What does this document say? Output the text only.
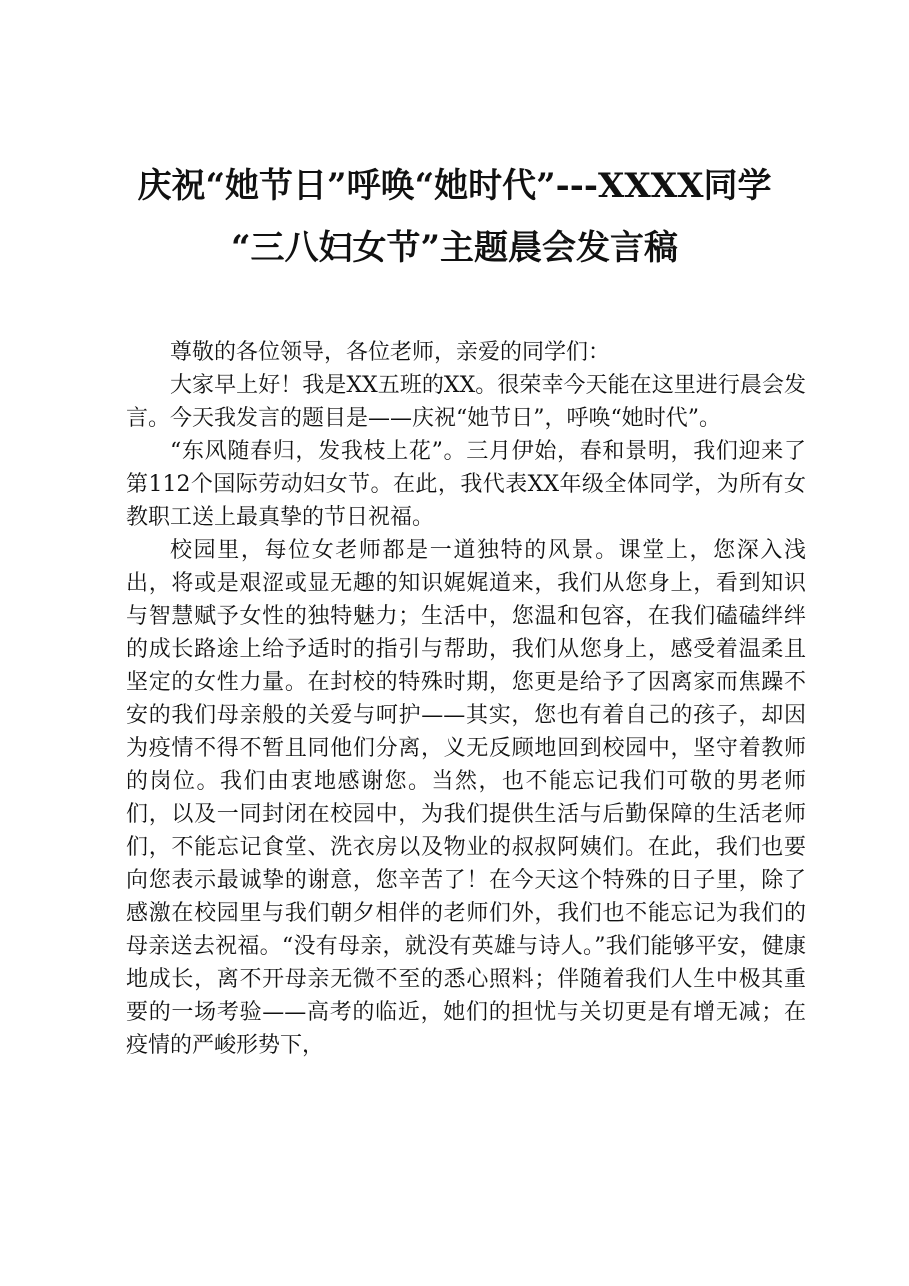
庆祝“她节日”呼唤“她时代”---XXXX同学
“三八妇女节”主题晨会发言稿

尊敬的各位领导，各位老师，亲爱的同学们：

大家早上好！我是XX五班的XX。很荣幸今天能在这里进行晨会发言。今天我发言的题目是——庆祝“她节日”，呼唤“她时代”。

“东风随春归，发我枝上花”。三月伊始，春和景明，我们迎来了第112个国际劳动妇女节。在此，我代表XX年级全体同学，为所有女教职工送上最真挚的节日祝福。

校园里，每位女老师都是一道独特的风景。课堂上，您深入浅出，将或是艰涩或显无趣的知识娓娓道来，我们从您身上，看到知识与智慧赋予女性的独特魅力；生活中，您温和包容，在我们磕磕绊绊的成长路途上给予适时的指引与帮助，我们从您身上，感受着温柔且坚定的女性力量。在封校的特殊时期，您更是给予了因离家而焦躁不安的我们母亲般的关爱与呵护——其实，您也有着自己的孩子，却因为疫情不得不暂且同他们分离，义无反顾地回到校园中，坚守着教师的岗位。我们由衷地感谢您。当然，也不能忘记我们可敬的男老师们，以及一同封闭在校园中，为我们提供生活与后勤保障的生活老师们，不能忘记食堂、洗衣房以及物业的叔叔阿姨们。在此，我们也要向您表示最诚挚的谢意，您辛苦了！在今天这个特殊的日子里，除了感激在校园里与我们朝夕相伴的老师们外，我们也不能忘记为我们的母亲送去祝福。“没有母亲，就没有英雄与诗人。”我们能够平安，健康地成长，离不开母亲无微不至的悉心照料；伴随着我们人生中极其重要的一场考验——高考的临近，她们的担忧与关切更是有增无减；在疫情的严峻形势下，
